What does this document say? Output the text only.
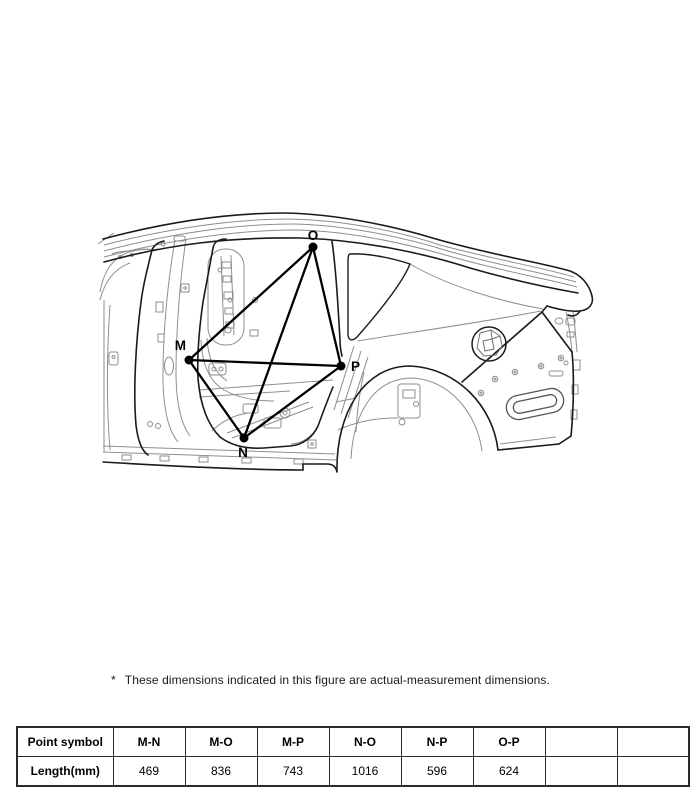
M
N
O
P
* These dimensions indicated in this figure are actual-measurement dimensions.
Point symbol	M-N	M-O	M-P	N-O	N-P	O-P		
Length(mm)	469	836	743	1016	596	624		
